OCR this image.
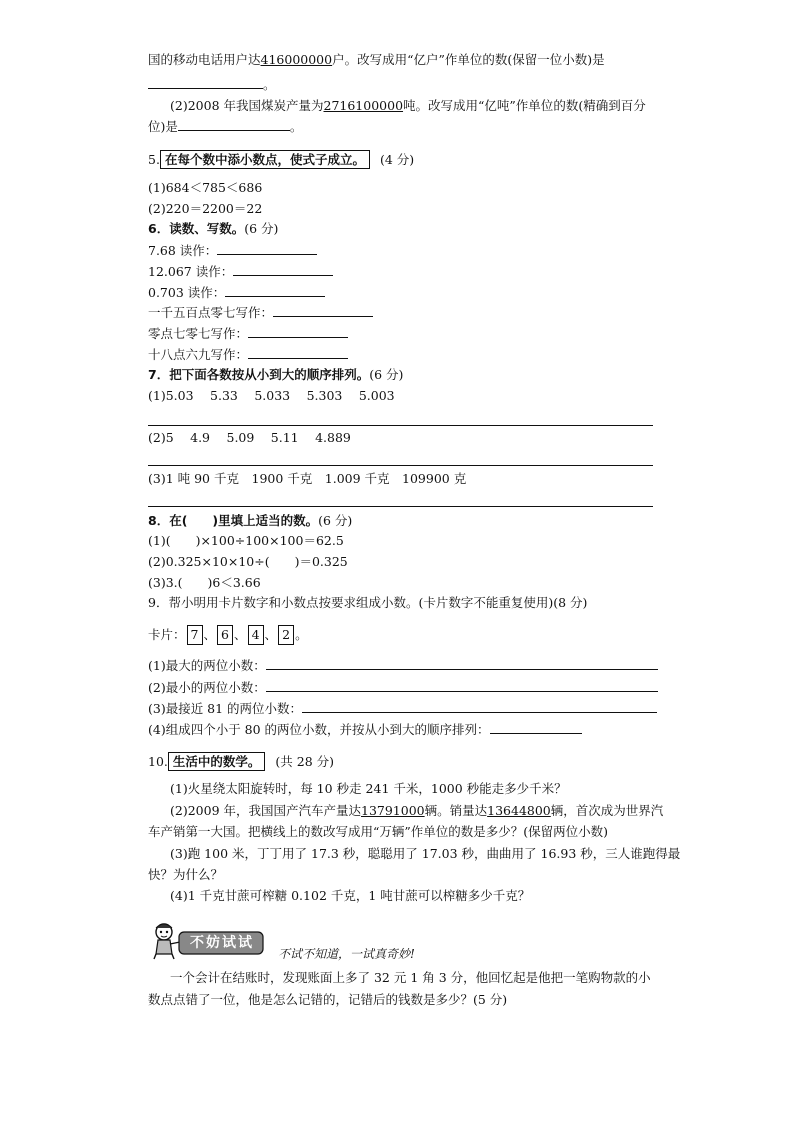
国的移动电话用户达416000000户。改写成用“亿户”作单位的数(保留一位小数)是
。
(2)2008 年我国煤炭产量为2716100000吨。改写成用“亿吨”作单位的数(精确到百分
位)是	。
5. 在每个数中添小数点，使式子成立。 (4 分)
(1)684＜785＜686
(2)220＝2200＝22
6．读数、写数。(6 分)
7.68 读作：
12.067 读作：
0.703 读作：
一千五百点零七写作：
零点七零七写作：
十八点六九写作：
7．把下面各数按从小到大的顺序排列。(6 分)
(1)5.03　 5.33　 5.033　 5.303　 5.003
(2)5　 4.9　 5.09　 5.11　 4.889
(3)1 吨 90 千克　1900 千克　1.009 千克　109900 克
8．在(　　)里填上适当的数。(6 分)
(1)(　　)×100÷100×100＝62.5
(2)0.325×10×10÷(　　)＝0.325
(3)3.(　　)6＜3.66
9．帮小明用卡片数字和小数点按要求组成小数。(卡片数字不能重复使用)(8 分)
卡片： 7 、 6 、 4 、 2 。
(1)最大的两位小数：
(2)最小的两位小数：
(3)最接近 81 的两位小数：
(4)组成四个小于 80 的两位小数，并按从小到大的顺序排列：
10. 生活中的数学。 (共 28 分)
(1)火星绕太阳旋转时，每 10 秒走 241 千米，1000 秒能走多少千米？
(2)2009 年，我国国产汽车产量达13791000辆。销量达13644800辆，首次成为世界汽
车产销第一大国。把横线上的数改写成用“万辆”作单位的数是多少？(保留两位小数)
(3)跑 100 米，丁丁用了 17.3 秒，聪聪用了 17.03 秒，曲曲用了 16.93 秒，三人谁跑得最
快？为什么？
(4)1 千克甘蔗可榨糖 0.102 千克，1 吨甘蔗可以榨糖多少千克？
不妨试试
不试不知道，一试真奇妙!
一个会计在结账时，发现账面上多了 32 元 1 角 3 分，他回忆起是他把一笔购物款的小
数点点错了一位，他是怎么记错的，记错后的钱数是多少？(5 分)
